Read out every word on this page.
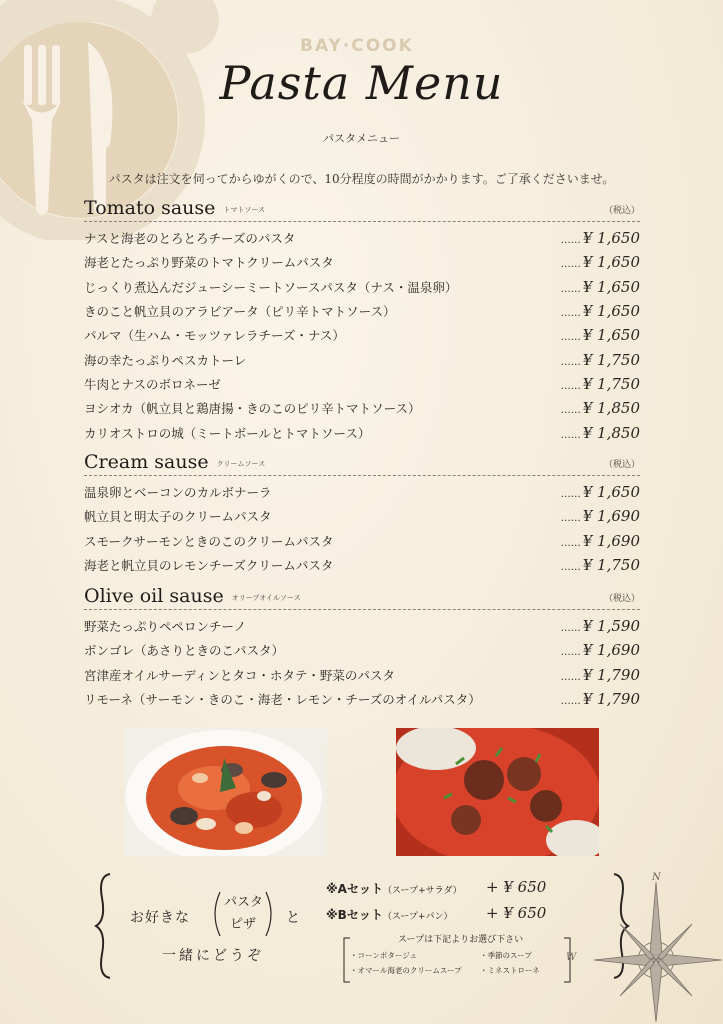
BAY·COOK
Pasta Menu
パスタメニュー
パスタは注文を伺ってからゆがくので、10分程度の時間がかかります。ご了承くださいませ。
Tomato sause トマトソース	（税込）
ナスと海老のとろとろチーズのパスタ	…… ¥ 1,650
海老とたっぷり野菜のトマトクリームパスタ	…… ¥ 1,650
じっくり煮込んだジューシーミートソースパスタ（ナス・温泉卵）	…… ¥ 1,650
きのこと帆立貝のアラビアータ（ピリ辛トマトソース）	…… ¥ 1,650
パルマ（生ハム・モッツァレラチーズ・ナス）	…… ¥ 1,650
海の幸たっぷりペスカトーレ	…… ¥ 1,750
牛肉とナスのボロネーゼ	…… ¥ 1,750
ヨシオカ（帆立貝と鶏唐揚・きのこのピリ辛トマトソース）	…… ¥ 1,850
カリオストロの城（ミートボールとトマトソース）	…… ¥ 1,850
Cream sause クリームソース	（税込）
温泉卵とベーコンのカルボナーラ	…… ¥ 1,650
帆立貝と明太子のクリームパスタ	…… ¥ 1,690
スモークサーモンときのこのクリームパスタ	…… ¥ 1,690
海老と帆立貝のレモンチーズクリームパスタ	…… ¥ 1,750
Olive oil sause オリーブオイルソース	（税込）
野菜たっぷりペペロンチーノ	…… ¥ 1,590
ボンゴレ（あさりときのこパスタ）	…… ¥ 1,690
宮津産オイルサーディンとタコ・ホタテ・野菜のパスタ	…… ¥ 1,790
リモーネ（サーモン・きのこ・海老・レモン・チーズのオイルパスタ）	…… ¥ 1,790
お好きな
パスタ
ピザ と
一緒にどうぞ
※Aセット（スープ+サラダ） + ¥ 650
※Bセット（スープ+パン） + ¥ 650
スープは下記よりお選び下さい
・コーンポタージュ	・季節のスープ
・オマール海老のクリームスープ ・ミネストローネ
N
W
